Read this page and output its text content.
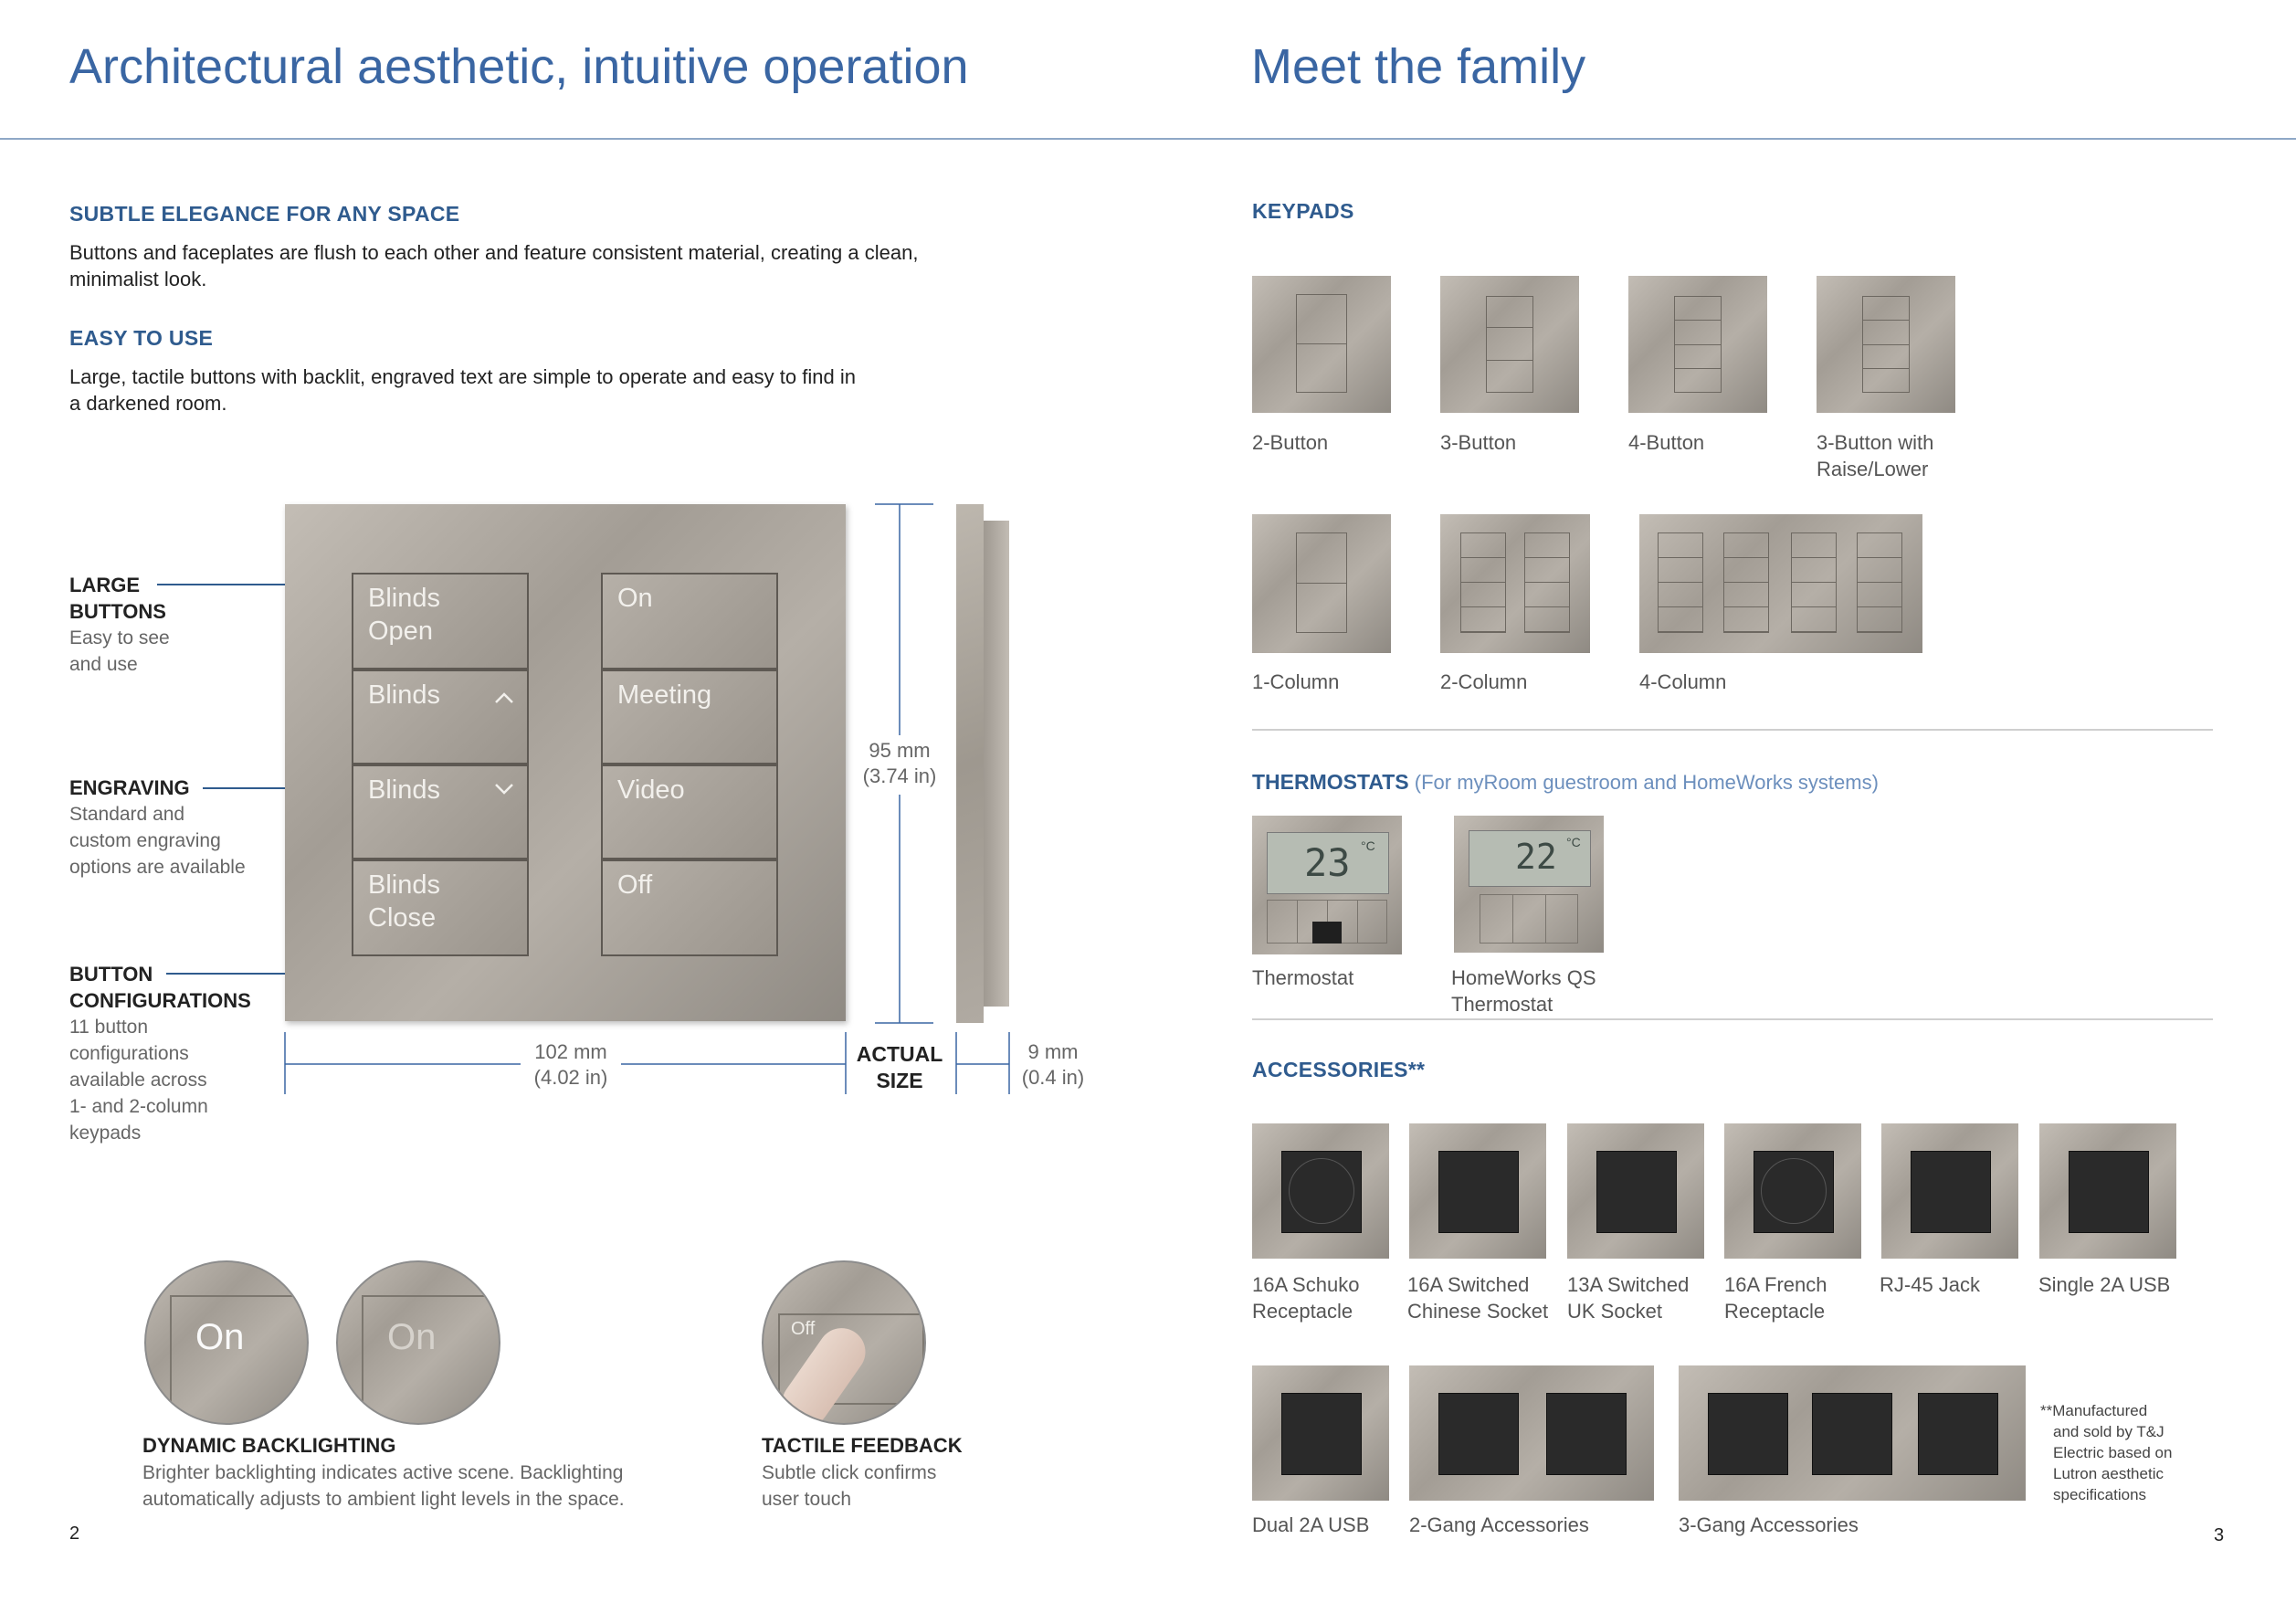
Architectural aesthetic, intuitive operation	Meet the family
SUBTLE ELEGANCE FOR ANY SPACE
Buttons and faceplates are flush to each other and feature consistent material, creating a clean,
minimalist look.
EASY TO USE
Large, tactile buttons with backlit, engraved text are simple to operate and easy to find in
a darkened room.
LARGE
BUTTONS
Easy to see
and use
ENGRAVING
Standard and
custom engraving
options are available
BUTTON
CONFIGURATIONS
11 button
configurations
available across
1- and 2-column
keypads
Blinds
Open
Blinds
Blinds
Blinds
Close
On
Meeting
Video
Off
95 mm
(3.74 in)
102 mm
(4.02 in)
9 mm
(0.4 in)
ACTUAL
SIZE
On	On	Off
DYNAMIC BACKLIGHTING
Brighter backlighting indicates active scene. Backlighting
automatically adjusts to ambient light levels in the space.
TACTILE FEEDBACK
Subtle click confirms
user touch
2
KEYPADS
2-Button	3-Button	4-Button	3-Button with
Raise/Lower
1-Column	2-Column	4-Column
THERMOSTATS (For myRoom guestroom and HomeWorks systems)
23 °C	22 °C
Thermostat	HomeWorks QS
Thermostat
ACCESSORIES**
16A Schuko
Receptacle
16A Switched
Chinese Socket
13A Switched
UK Socket
16A French
Receptacle
RJ-45 Jack	Single 2A USB
Dual 2A USB 2-Gang Accessories	3-Gang Accessories
**Manufactured
and sold by T&J
Electric based on
Lutron aesthetic
specifications
3
